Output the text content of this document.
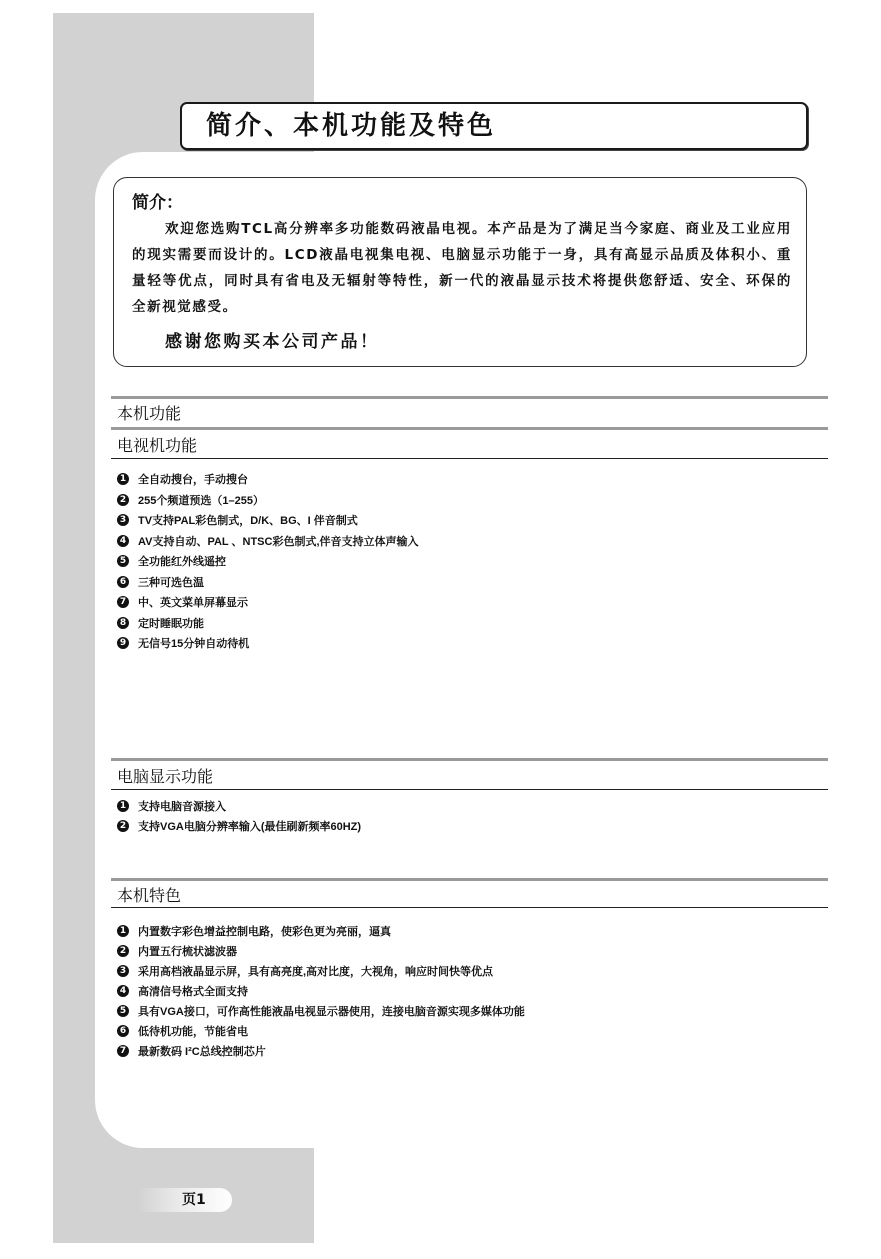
简介、本机功能及特色
简介：

欢迎您选购TCL高分辨率多功能数码液晶电视。本产品是为了满足当今家庭、商业及工业应用的现实需要而设计的。LCD液晶电视集电视、电脑显示功能于一身，具有高显示品质及体积小、重量轻等优点，同时具有省电及无辐射等特性，新一代的液晶显示技术将提供您舒适、安全、环保的全新视觉感受。

感谢您购买本公司产品！
本机功能
电视机功能
1 全自动搜台，手动搜台
2 255个频道预选（1–255）
3 TV支持PAL彩色制式，D/K、BG、I 伴音制式
4 AV支持自动、PAL 、NTSC彩色制式,伴音支持立体声输入
5 全功能红外线遥控
6 三种可选色温
7 中、英文菜单屏幕显示
8 定时睡眠功能
9 无信号15分钟自动待机
电脑显示功能
1 支持电脑音源接入
2 支持VGA电脑分辨率输入(最佳刷新频率60HZ)
本机特色
1 内置数字彩色增益控制电路，使彩色更为亮丽，逼真
2 内置五行梳状滤波器
3 采用高档液晶显示屏，具有高亮度,高对比度，大视角，响应时间快等优点
4 高清信号格式全面支持
5 具有VGA接口，可作高性能液晶电视显示器使用，连接电脑音源实现多媒体功能
6 低待机功能，节能省电
7 最新数码 I²C总线控制芯片
页1
